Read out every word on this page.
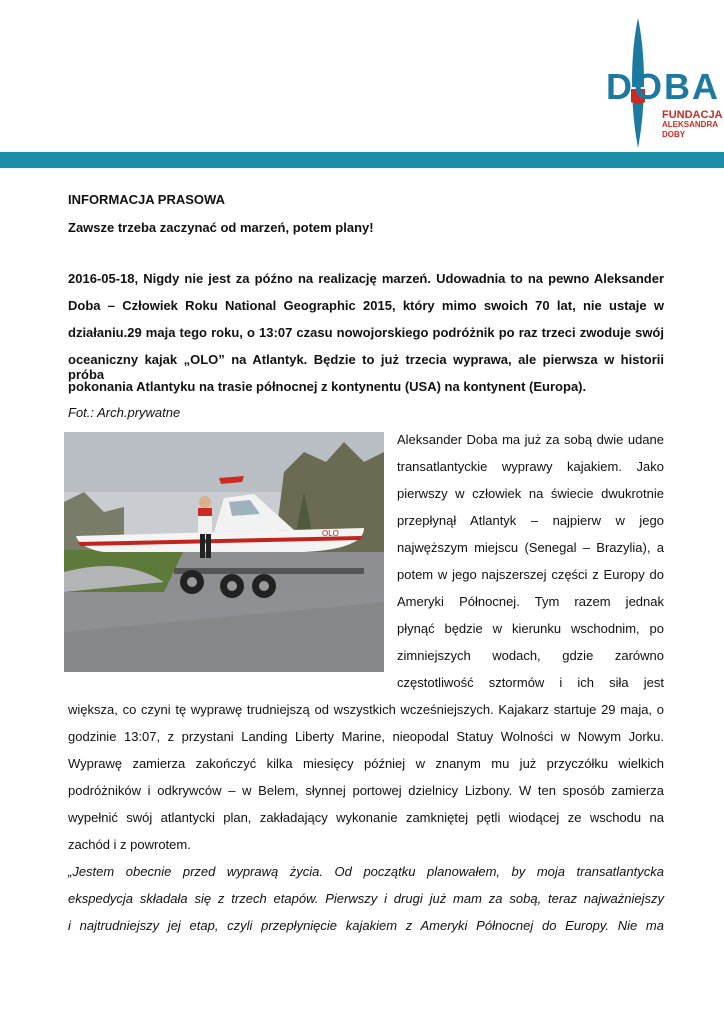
DOBA
FUNDACJA
ALEKSANDRA
DOBY
INFORMACJA PRASOWA
Zawsze trzeba zaczynać od marzeń, potem plany!
2016-05-18, Nigdy nie jest za późno na realizację marzeń. Udowadnia to na pewno Aleksander
Doba – Człowiek Roku National Geographic 2015, który mimo swoich 70 lat, nie ustaje w
działaniu.29 maja tego roku, o 13:07 czasu nowojorskiego podróżnik po raz trzeci zwoduje swój
oceaniczny kajak „OLO” na Atlantyk. Będzie to już trzecia wyprawa, ale pierwsza w historii próba
pokonania Atlantyku na trasie północnej z kontynentu (USA) na kontynent (Europa).
Fot.: Arch.prywatne
OLO
Aleksander Doba ma już za sobą dwie udane
transatlantyckie wyprawy kajakiem. Jako
pierwszy w człowiek na świecie dwukrotnie
przepłynął Atlantyk – najpierw w jego
najwęższym miejscu (Senegal – Brazylia), a
potem w jego najszerszej części z Europy do
Ameryki Północnej. Tym razem jednak
płynąć będzie w kierunku wschodnim, po
zimniejszych wodach, gdzie zarówno
częstotliwość sztormów i ich siła jest
większa, co czyni tę wyprawę trudniejszą od wszystkich wcześniejszych. Kajakarz startuje 29 maja, o
godzinie 13:07, z przystani Landing Liberty Marine, nieopodal Statuy Wolności w Nowym Jorku.
Wyprawę zamierza zakończyć kilka miesięcy później w znanym mu już przyczółku wielkich
podróżników i odkrywców – w Belem, słynnej portowej dzielnicy Lizbony. W ten sposób zamierza
wypełnić swój atlantycki plan, zakładający wykonanie zamkniętej pętli wiodącej ze wschodu na
zachód i z powrotem.
„Jestem obecnie przed wyprawą życia. Od początku planowałem, by moja transatlantycka
ekspedycja składała się z trzech etapów. Pierwszy i drugi już mam za sobą, teraz najważniejszy
i najtrudniejszy jej etap, czyli przepłynięcie kajakiem z Ameryki Północnej do Europy. Nie ma
